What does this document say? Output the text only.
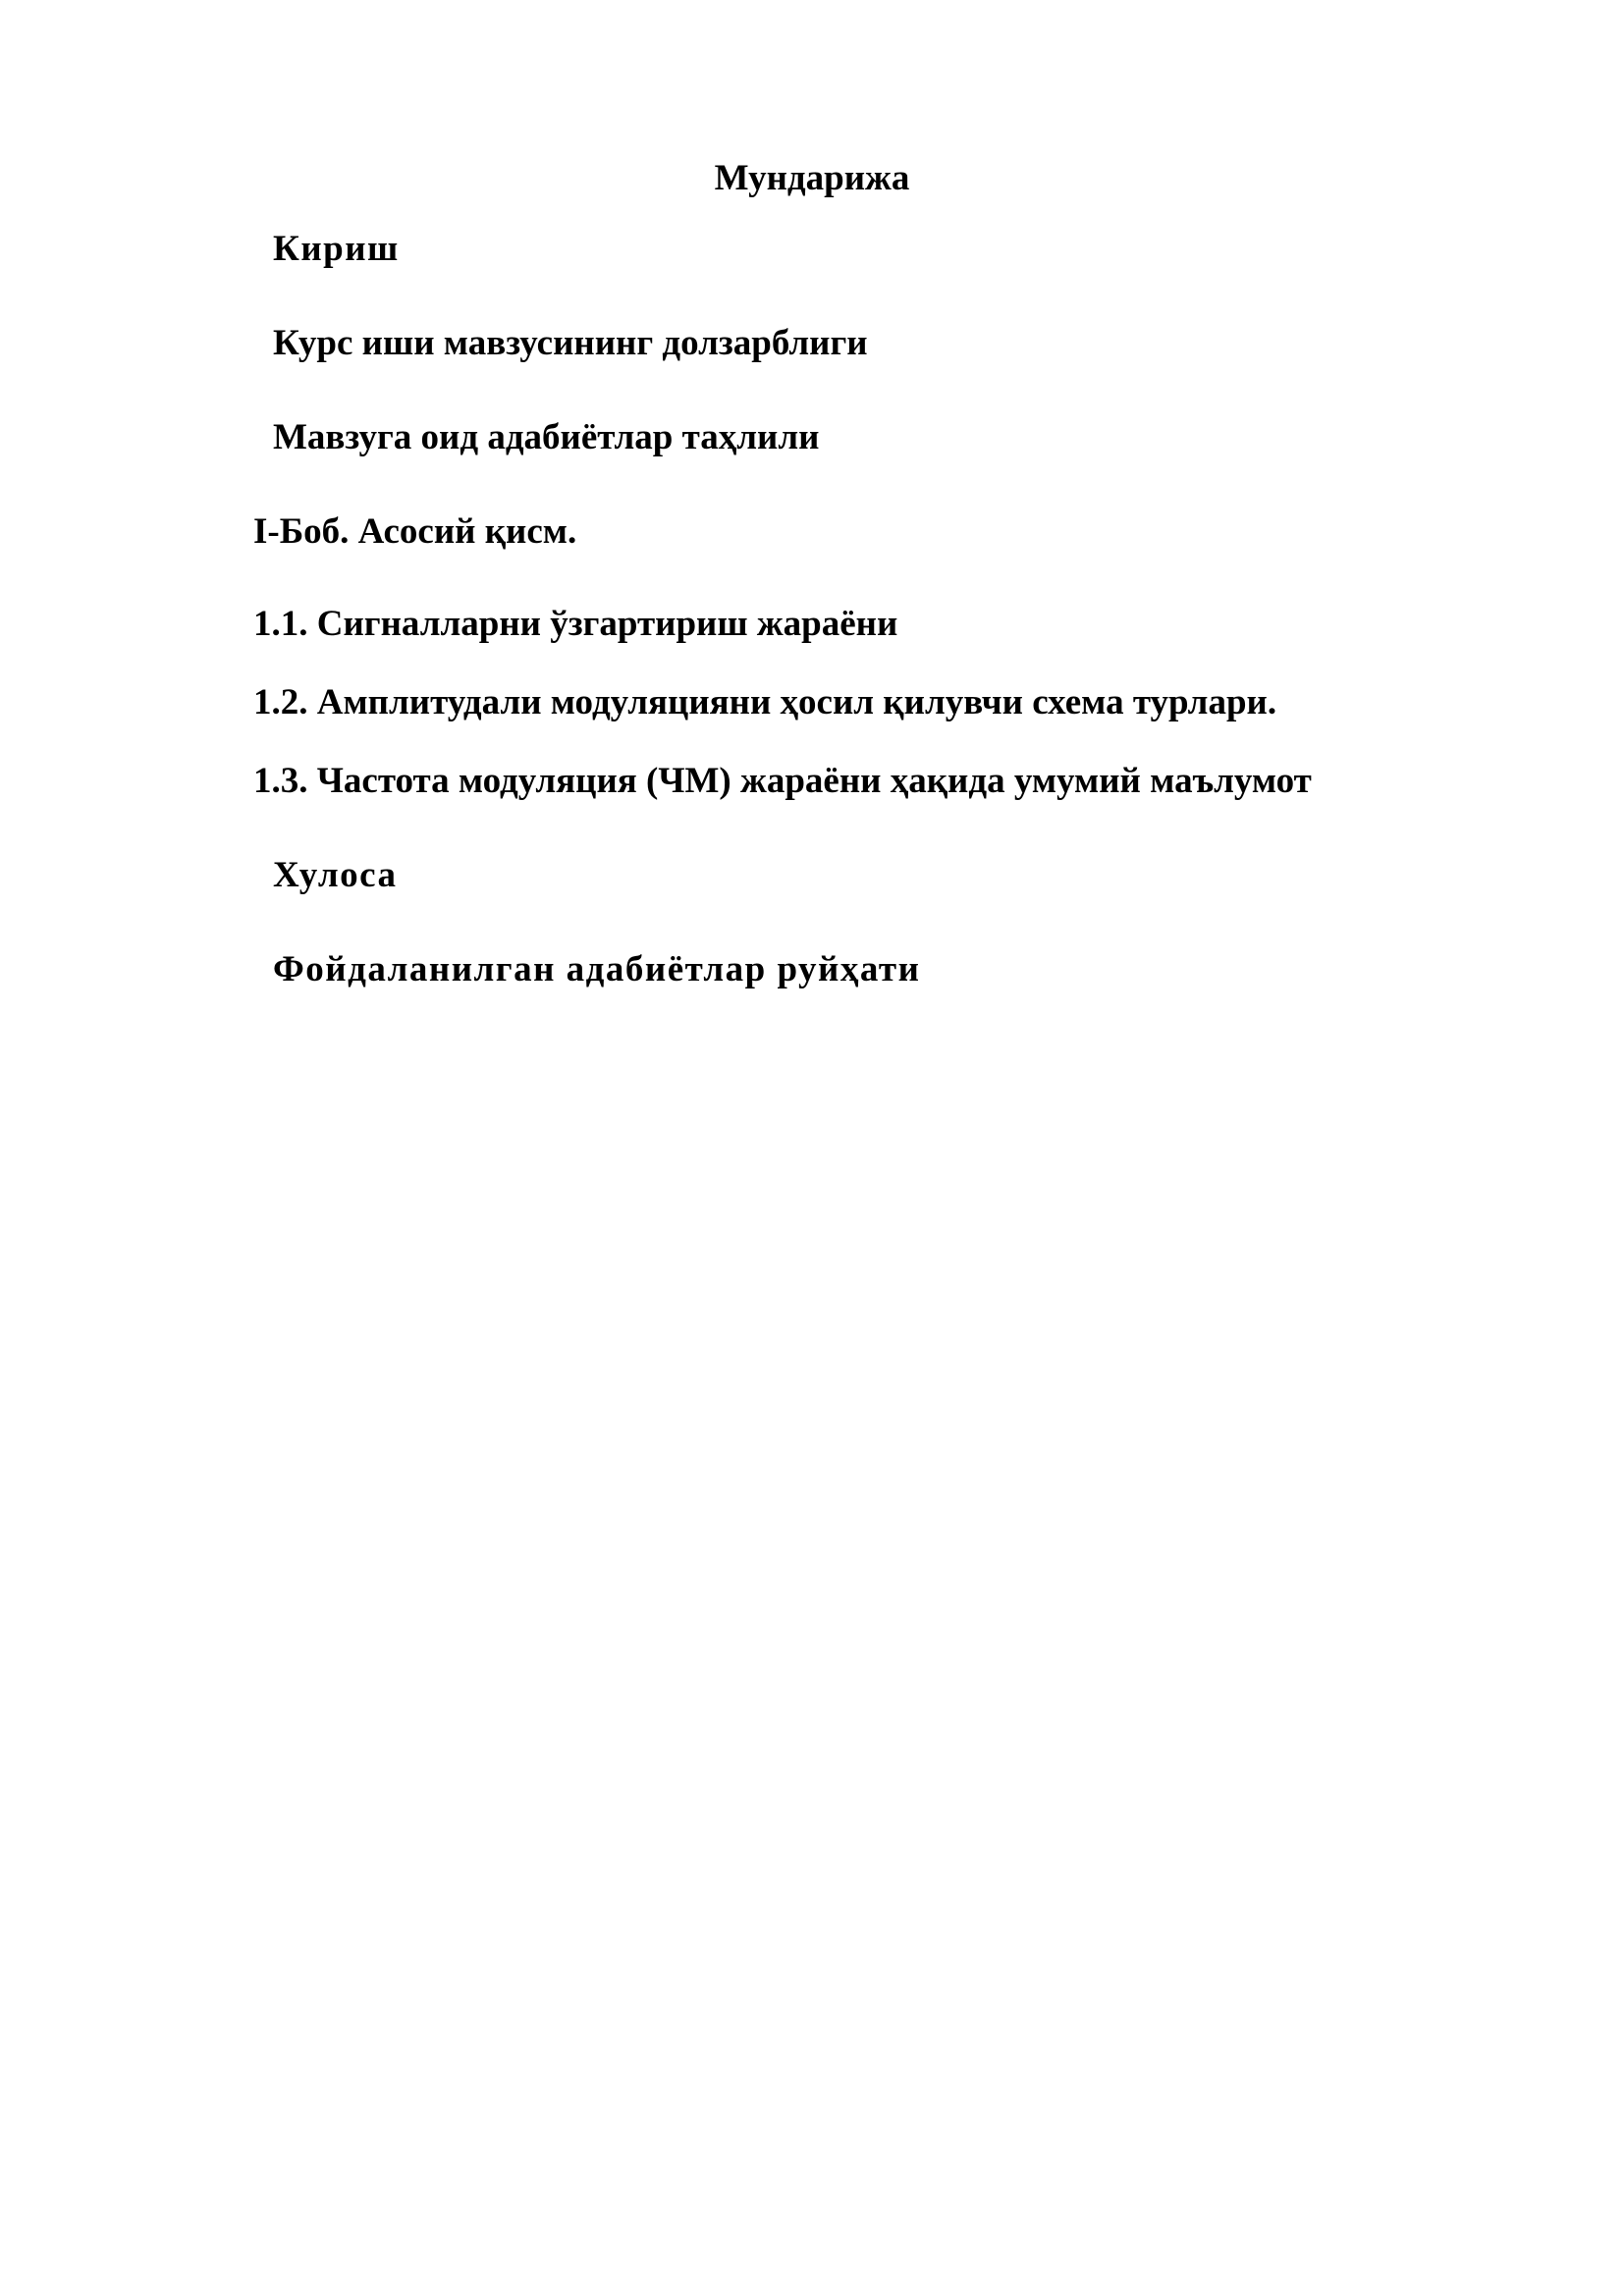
Мундарижа
Кириш
Курс иши мавзусининг долзарблиги
Мавзуга оид адабиётлар таҳлили
I-Боб. Асосий қисм.
1.1. Сигналларни ўзгартириш жараёни
1.2. Амплитудали модуляцияни ҳосил қилувчи схема турлари.
1.3. Частота модуляция (ЧМ) жараёни ҳақида умумий маълумот
Хулоса
Фойдаланилган адабиётлар руйҳати
